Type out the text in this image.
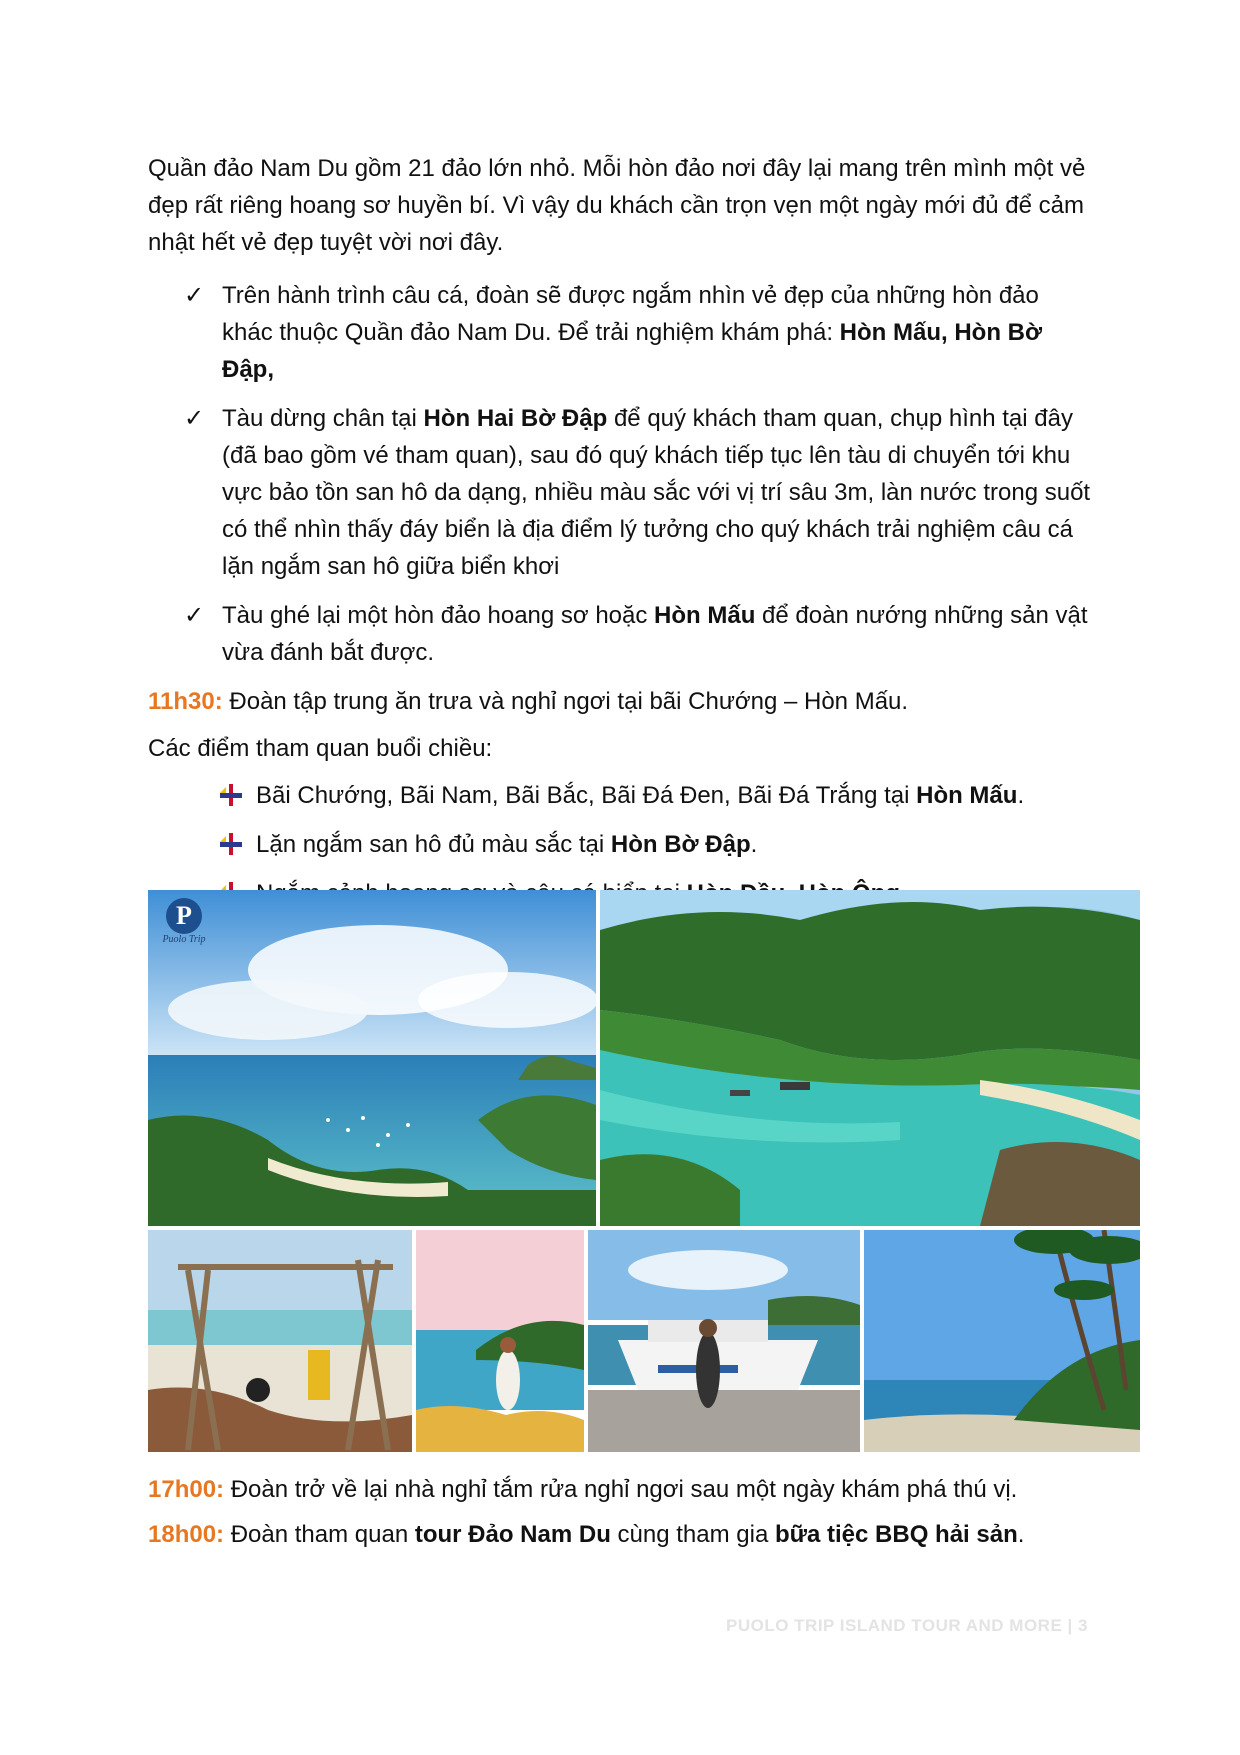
Quần đảo Nam Du gồm 21 đảo lớn nhỏ. Mỗi hòn đảo nơi đây lại mang trên mình một vẻ đẹp rất riêng hoang sơ huyền bí. Vì vậy du khách cần trọn vẹn một ngày mới đủ để cảm nhật hết vẻ đẹp tuyệt vời nơi đây.

✓ Trên hành trình câu cá, đoàn sẽ được ngắm nhìn vẻ đẹp của những hòn đảo khác thuộc Quần đảo Nam Du. Để trải nghiệm khám phá: Hòn Mấu, Hòn Bờ Đập,
✓ Tàu dừng chân tại Hòn Hai Bờ Đập để quý khách tham quan, chụp hình tại đây (đã bao gồm vé tham quan), sau đó quý khách tiếp tục lên tàu di chuyển tới khu vực bảo tồn san hô da dạng, nhiều màu sắc với vị trí sâu 3m, làn nước trong suốt có thể nhìn thấy đáy biển là địa điểm lý tưởng cho quý khách trải nghiệm câu cá lặn ngắm san hô giữa biển khơi
✓ Tàu ghé lại một hòn đảo hoang sơ hoặc Hòn Mấu để đoàn nướng những sản vật vừa đánh bắt được.

11h30: Đoàn tập trung ăn trưa và nghỉ ngơi tại bãi Chướng – Hòn Mấu.

Các điểm tham quan buổi chiều:

Bãi Chướng, Bãi Nam, Bãi Bắc, Bãi Đá Đen, Bãi Đá Trắng tại Hòn Mấu.
Lặn ngắm san hô đủ màu sắc tại Hòn Bờ Đập.
P
Puolo Trip

17h00: Đoàn trở về lại nhà nghỉ tắm rửa nghỉ ngơi sau một ngày khám phá thú vị.

18h00: Đoàn tham quan tour Đảo Nam Du cùng tham gia bữa tiệc BBQ hải sản.

PUOLO TRIP ISLAND TOUR AND MORE | 3
